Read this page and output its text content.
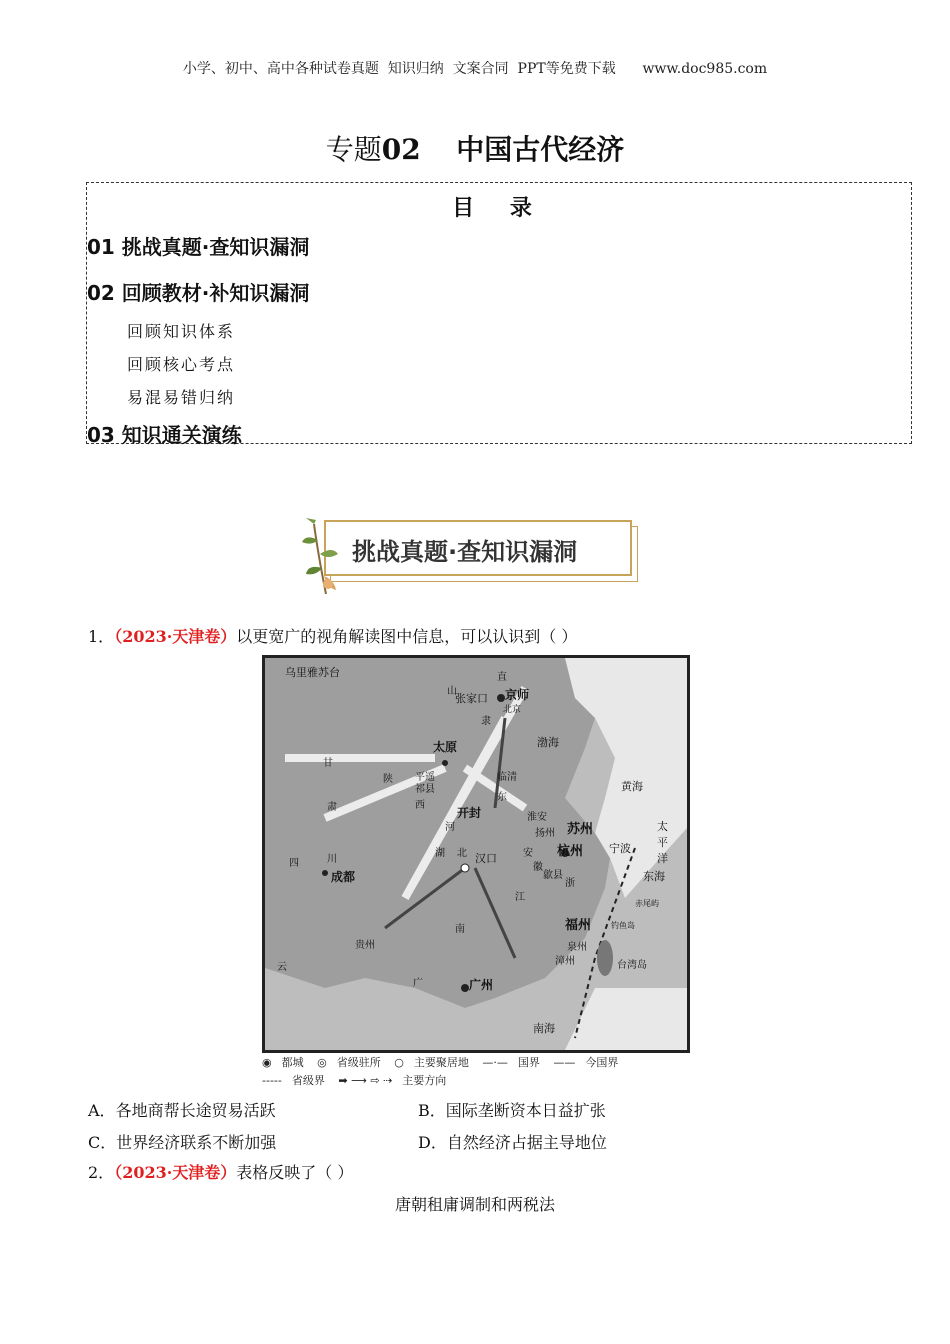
小学、初中、高中各种试卷真题  知识归纳  文案合同  PPT等免费下载 www.doc985.com
专题02 中国古代经济
目 录
01 挑战真题·查知识漏洞
02 回顾教材·补知识漏洞
回顾知识体系
回顾核心考点
易混易错归纳
03 知识通关演练
挑战真题·查知识漏洞
1．（2023·天津卷）以更宽广的视角解读图中信息，可以认识到（ ）
乌里雅苏台
张家口 京师
北京
太原
平遥
祁县
临清
开封	淮安
扬州 苏州
杭州 宁波
汉口
成都	歙县
福州
泉州
漳州
广州
台湾岛
赤尾屿
钓鱼岛
渤海
黄海
东海
南海
太平洋
直
隶
山
东
西
陕
甘
肃
四	川
湖 北
南
贵州
云
广
江
浙
安
徽
河
◉ 都城 ◎ 省级驻所 ○ 主要聚居地 —·— 国界 —— 今国界
----- 省级界 ➡ ⟶ ⇨ ⇢ 主要方向
A．各地商帮长途贸易活跃	B．国际垄断资本日益扩张
C．世界经济联系不断加强	D．自然经济占据主导地位
2．（2023·天津卷）表格反映了（ ）
唐朝租庸调制和两税法
